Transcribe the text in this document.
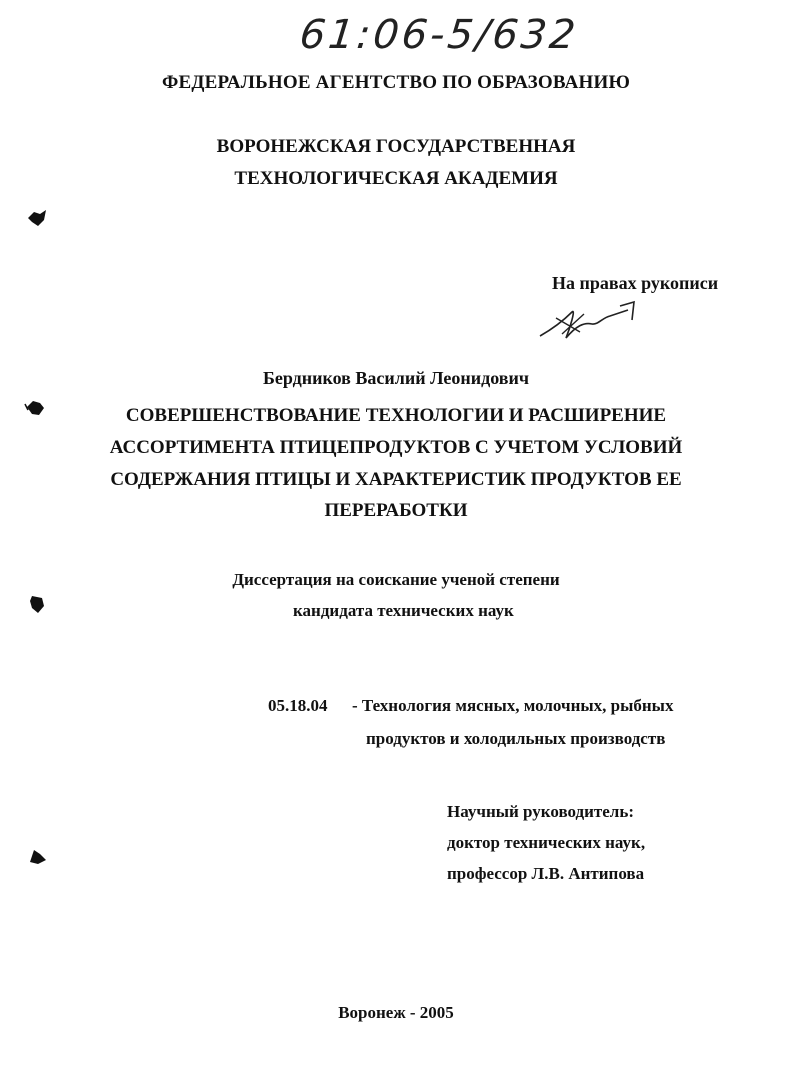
61:06-5/632
ФЕДЕРАЛЬНОЕ АГЕНТСТВО ПО ОБРАЗОВАНИЮ
ВОРОНЕЖСКАЯ ГОСУДАРСТВЕННАЯ
ТЕХНОЛОГИЧЕСКАЯ АКАДЕМИЯ
На правах рукописи
Бердников Василий Леонидович
СОВЕРШЕНСТВОВАНИЕ ТЕХНОЛОГИИ И РАСШИРЕНИЕ
АССОРТИМЕНТА ПТИЦЕПРОДУКТОВ С УЧЕТОМ УСЛОВИЙ
СОДЕРЖАНИЯ ПТИЦЫ И ХАРАКТЕРИСТИК ПРОДУКТОВ ЕЕ
ПЕРЕРАБОТКИ
Диссертация на соискание ученой степени
кандидата технических наук
05.18.04 - Технология мясных, молочных, рыбных
продуктов и холодильных производств
Научный руководитель:
доктор технических наук,
профессор Л.В. Антипова
Воронеж - 2005
